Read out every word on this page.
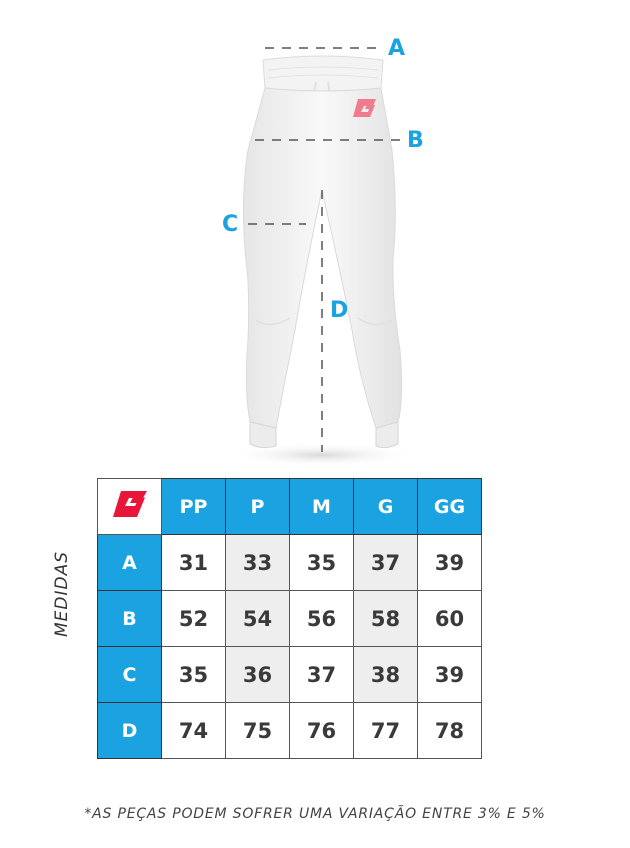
A
B
C
D
MEDIDAS
	PP	P	M	G	GG
A	31	33	35	37	39
B	52	54	56	58	60
C	35	36	37	38	39
D	74	75	76	77	78
*AS PEÇAS PODEM SOFRER UMA VARIAÇÃO ENTRE 3% E 5%
